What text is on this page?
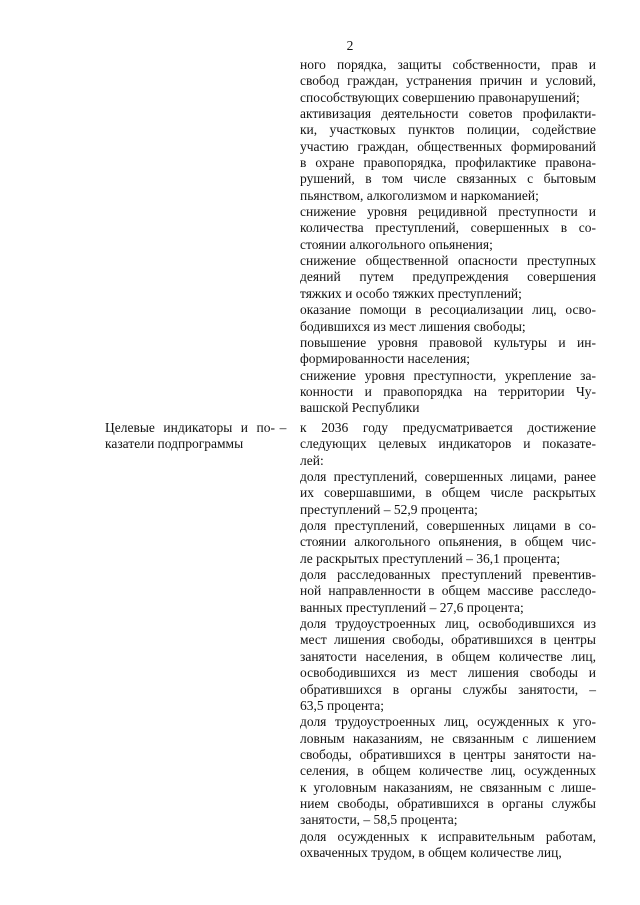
2

ного порядка, защиты собственности, прав и
свобод граждан, устранения причин и условий,
способствующих совершению правонарушений;

активизация деятельности советов профилакти-
ки, участковых пунктов полиции, содействие
участию граждан, общественных формирований
в охране правопорядка, профилактике правона-
рушений, в том числе связанных с бытовым
пьянством, алкоголизмом и наркоманией;

снижение уровня рецидивной преступности и
количества преступлений, совершенных в со-
стоянии алкогольного опьянения;

снижение общественной опасности преступных
деяний путем предупреждения совершения
тяжких и особо тяжких преступлений;

оказание помощи в ресоциализации лиц, осво-
бодившихся из мест лишения свободы;

повышение уровня правовой культуры и ин-
формированности населения;

снижение уровня преступности, укрепление за-
конности и правопорядка на территории Чу-
вашской Республики

Целевые индикаторы и по-
казатели подпрограммы
– к 2036 году предусматривается достижение
следующих целевых индикаторов и показате-
лей:

доля преступлений, совершенных лицами, ранее
их совершавшими, в общем числе раскрытых
преступлений – 52,9 процента;

доля преступлений, совершенных лицами в со-
стоянии алкогольного опьянения, в общем чис-
ле раскрытых преступлений – 36,1 процента;

доля расследованных преступлений превентив-
ной направленности в общем массиве расследо-
ванных преступлений – 27,6 процента;

доля трудоустроенных лиц, освободившихся из
мест лишения свободы, обратившихся в центры
занятости населения, в общем количестве лиц,
освободившихся из мест лишения свободы и
обратившихся в органы службы занятости, –
63,5 процента;

доля трудоустроенных лиц, осужденных к уго-
ловным наказаниям, не связанным с лишением
свободы, обратившихся в центры занятости на-
селения, в общем количестве лиц, осужденных
к уголовным наказаниям, не связанным с лише-
нием свободы, обратившихся в органы службы
занятости, – 58,5 процента;

доля осужденных к исправительным работам,
охваченных трудом, в общем количестве лиц,
